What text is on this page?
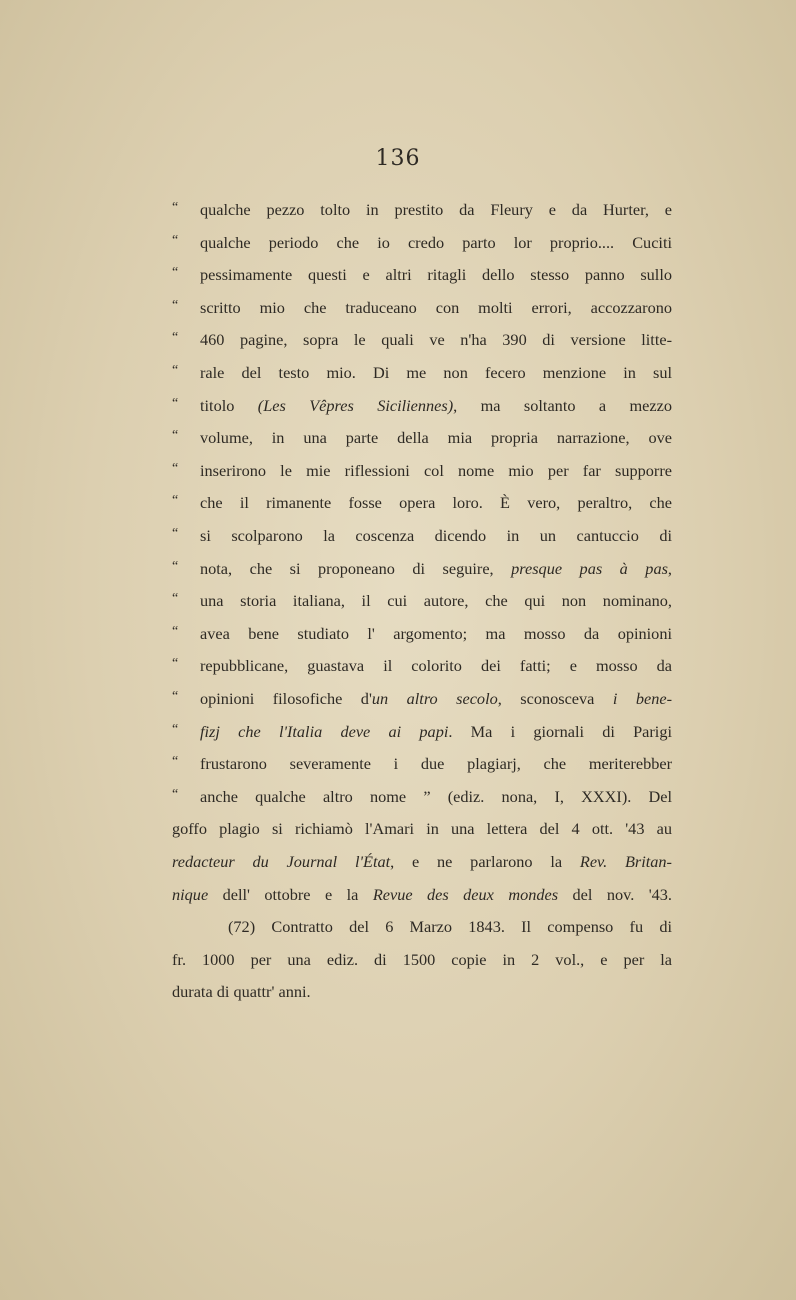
136
“ qualche pezzo tolto in prestito da Fleury e da Hurter, e
“ qualche periodo che io credo parto lor proprio.... Cuciti
“ pessimamente questi e altri ritagli dello stesso panno sullo
“ scritto mio che traduceano con molti errori, accozzarono
“ 460 pagine, sopra le quali ve n'ha 390 di versione litte-
“ rale del testo mio. Di me non fecero menzione in sul
“ titolo (Les Vêpres Siciliennes), ma soltanto a mezzo
“ volume, in una parte della mia propria narrazione, ove
“ inserirono le mie riflessioni col nome mio per far supporre
“ che il rimanente fosse opera loro. È vero, peraltro, che
“ si scolparono la coscenza dicendo in un cantuccio di
“ nota, che si proponeano di seguire, presque pas à pas,
“ una storia italiana, il cui autore, che qui non nominano,
“ avea bene studiato l' argomento; ma mosso da opinioni
“ repubblicane, guastava il colorito dei fatti; e mosso da
“ opinioni filosofiche d'un altro secolo, sconosceva i bene-
“ fizj che l'Italia deve ai papi. Ma i giornali di Parigi
“ frustarono severamente i due plagiarj, che meriterebber
“ anche qualche altro nome ” (ediz. nona, I, XXXI). Del
goffo plagio si richiamò l'Amari in una lettera del 4 ott. '43 au
redacteur du Journal l'État, e ne parlarono la Rev. Britan-
nique dell' ottobre e la Revue des deux mondes del nov. '43.
(72) Contratto del 6 Marzo 1843. Il compenso fu di
fr. 1000 per una ediz. di 1500 copie in 2 vol., e per la
durata di quattr' anni.
